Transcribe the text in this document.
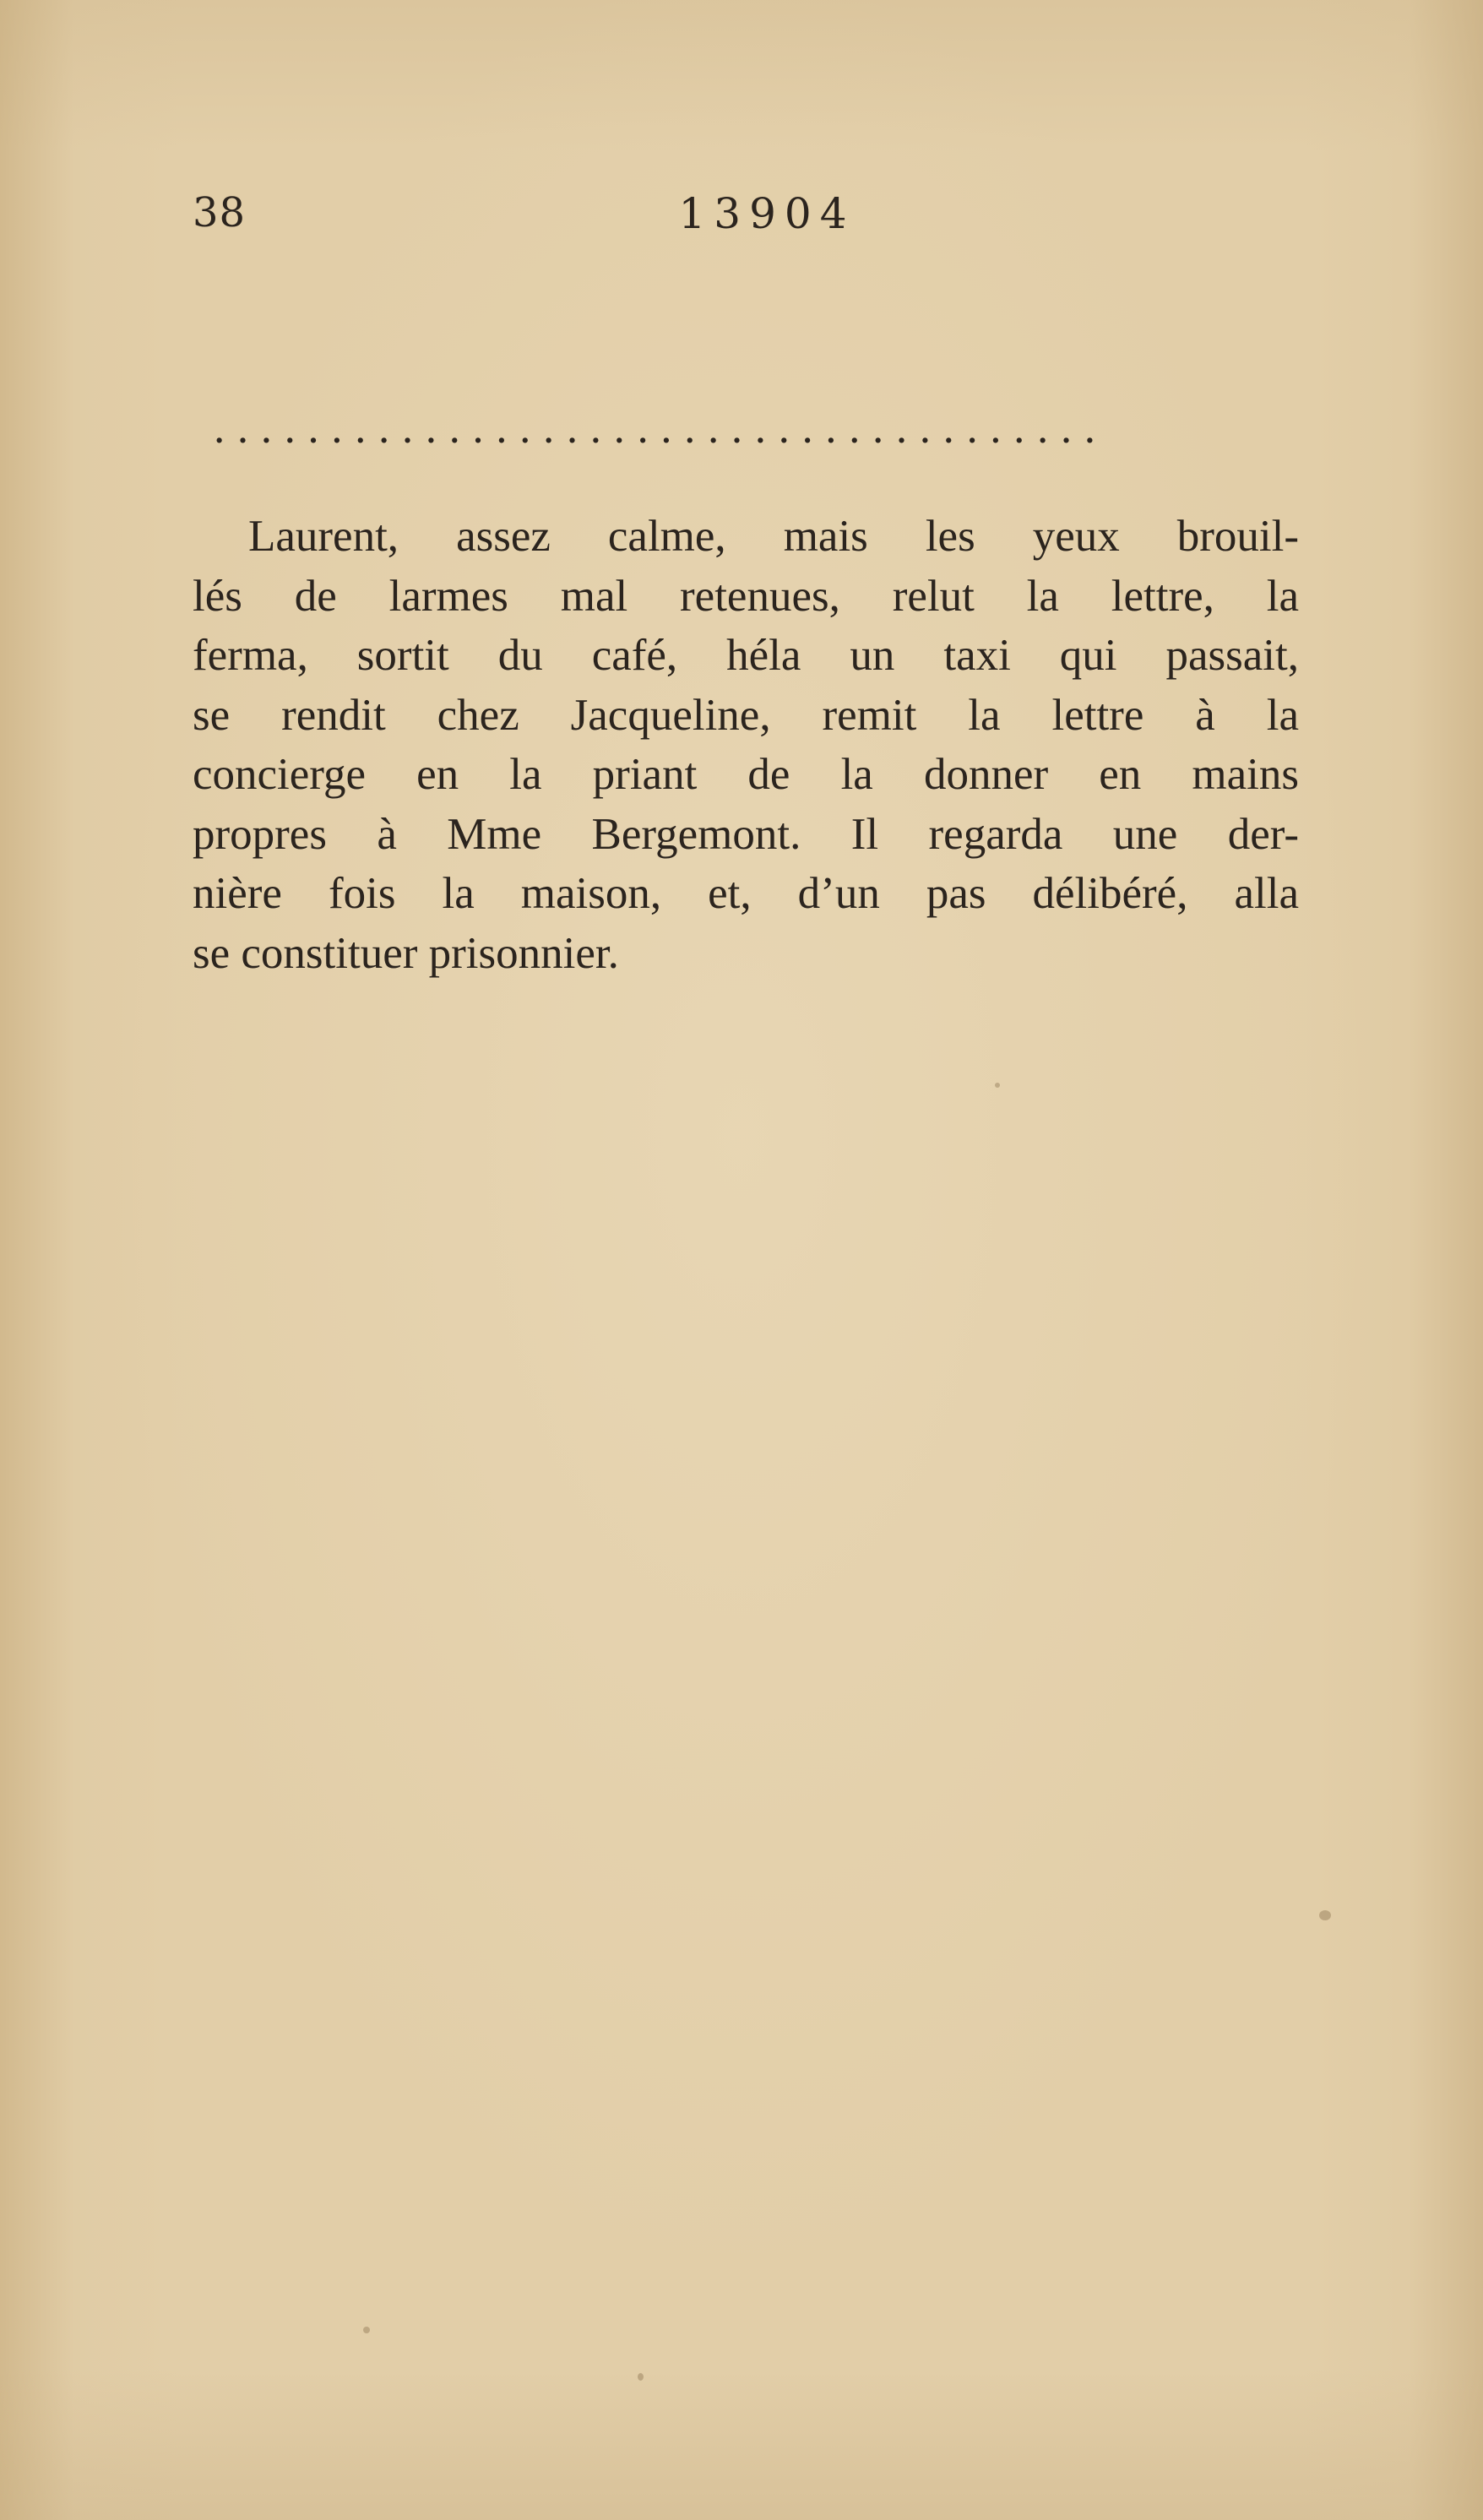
38	13904
......................................

Laurent, assez calme, mais les yeux brouil-
lés de larmes mal retenues, relut la lettre, la
ferma, sortit du café, héla un taxi qui passait,
se rendit chez Jacqueline, remit la lettre à la
concierge en la priant de la donner en mains
propres à Mme Bergemont. Il regarda une der-
nière fois la maison, et, d’un pas délibéré, alla
se constituer prisonnier.
